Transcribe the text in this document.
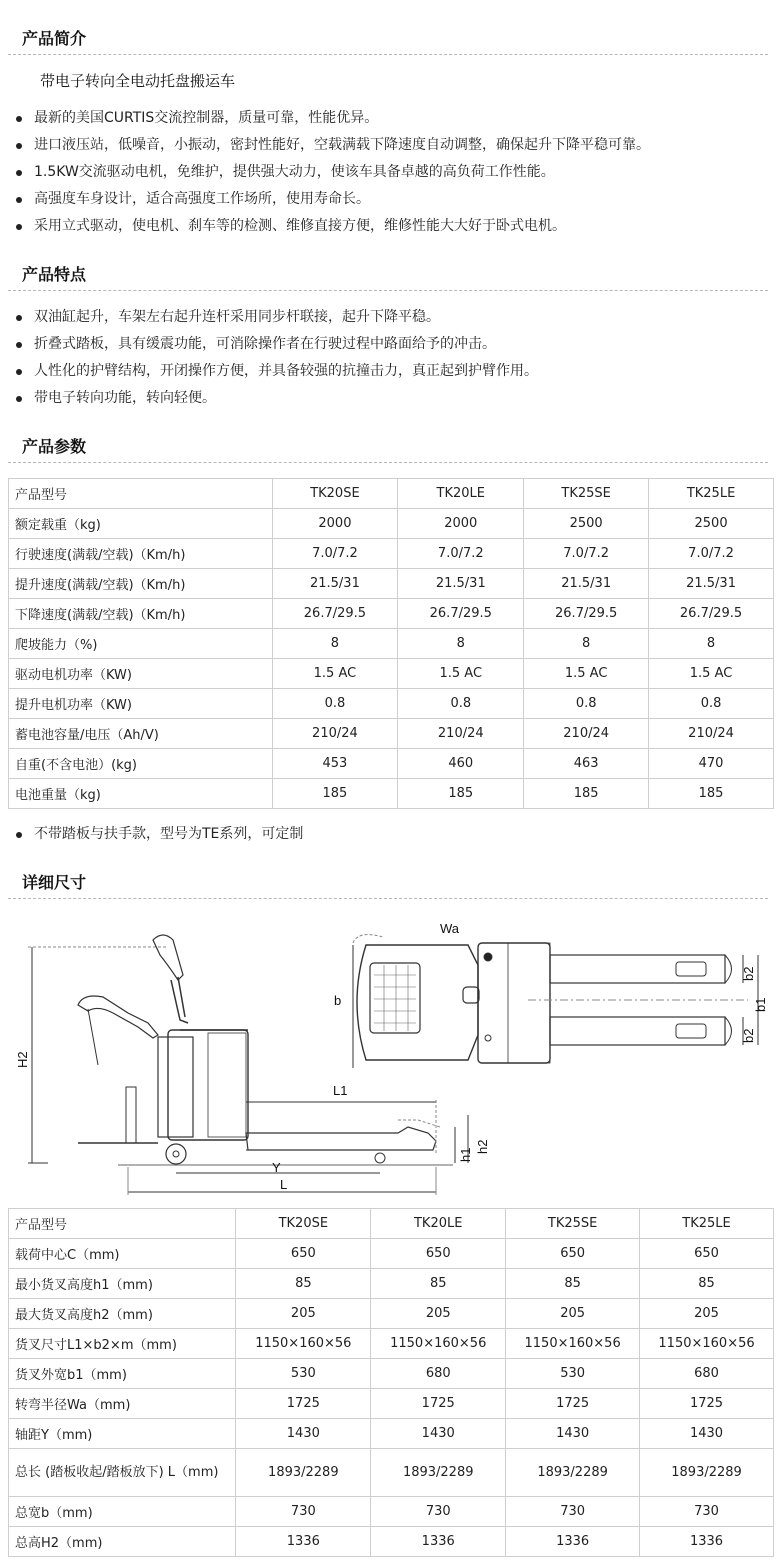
产品简介
带电子转向全电动托盘搬运车
最新的美国CURTIS交流控制器，质量可靠，性能优异。
进口液压站，低噪音，小振动，密封性能好，空载满载下降速度自动调整，确保起升下降平稳可靠。
1.5KW交流驱动电机，免维护，提供强大动力，使该车具备卓越的高负荷工作性能。
高强度车身设计，适合高强度工作场所，使用寿命长。
采用立式驱动，使电机、刹车等的检测、维修直接方便，维修性能大大好于卧式电机。
产品特点
双油缸起升，车架左右起升连杆采用同步杆联接，起升下降平稳。
折叠式踏板，具有缓震功能，可消除操作者在行驶过程中路面给予的冲击。
人性化的护臂结构，开闭操作方便，并具备较强的抗撞击力，真正起到护臂作用。
带电子转向功能，转向轻便。
产品参数
产品型号	TK20SE	TK20LE	TK25SE	TK25LE
额定载重（kg)	2000	2000	2500	2500
行驶速度(满载/空载)（Km/h)	7.0/7.2	7.0/7.2	7.0/7.2	7.0/7.2
提升速度(满载/空载)（Km/h)	21.5/31	21.5/31	21.5/31	21.5/31
下降速度(满载/空载)（Km/h)	26.7/29.5	26.7/29.5	26.7/29.5	26.7/29.5
爬坡能力（%)	8	8	8	8
驱动电机功率（KW)	1.5 AC	1.5 AC	1.5 AC	1.5 AC
提升电机功率（KW)	0.8	0.8	0.8	0.8
蓄电池容量/电压（Ah/V)	210/24	210/24	210/24	210/24
自重(不含电池）(kg)	453	460	463	470
电池重量（kg)	185	185	185	185
不带踏板与扶手款，型号为TE系列，可定制
详细尺寸
H2
L1
h1
h2
Y
L
Wa
b	b1
b2
b2
产品型号	TK20SE	TK20LE	TK25SE	TK25LE
载荷中心C（mm)	650	650	650	650
最小货叉高度h1（mm)	85	85	85	85
最大货叉高度h2（mm)	205	205	205	205
货叉尺寸L1×b2×m（mm)	1150×160×56	1150×160×56	1150×160×56	1150×160×56
货叉外宽b1（mm)	530	680	530	680
转弯半径Wa（mm)	1725	1725	1725	1725
轴距Y（mm)	1430	1430	1430	1430
总长 (踏板收起/踏板放下) L（mm)	1893/2289	1893/2289	1893/2289	1893/2289
总宽b（mm)	730	730	730	730
总高H2（mm)	1336	1336	1336	1336
